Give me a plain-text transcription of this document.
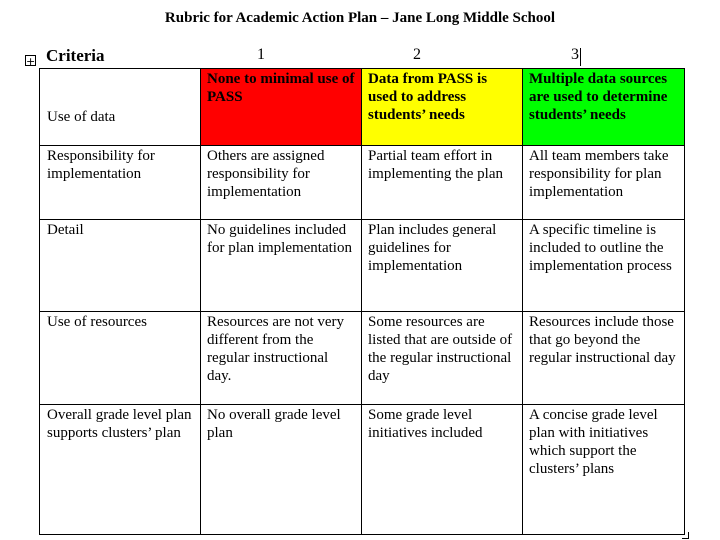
Rubric for Academic Action Plan – Jane Long Middle School
+ Criteria	1	2	3
Use of data	None to minimal use of PASS	Data from PASS is used to address students’ needs	Multiple data sources are used to determine students’ needs
Responsibility for implementation	Others are assigned responsibility for implementation	Partial team effort in implementing the plan	All team members take responsibility for plan implementation
Detail	No guidelines included for plan implementation	Plan includes general guidelines for implementation	A specific timeline is included to outline the implementation process
Use of resources	Resources are not very different from the regular instructional day.	Some resources are listed that are outside of the regular instructional day	Resources include those that go beyond the regular instructional day
Overall grade level plan supports clusters’ plan	No overall grade level plan	Some grade level initiatives included	A concise grade level plan with initiatives which support the clusters’ plans
